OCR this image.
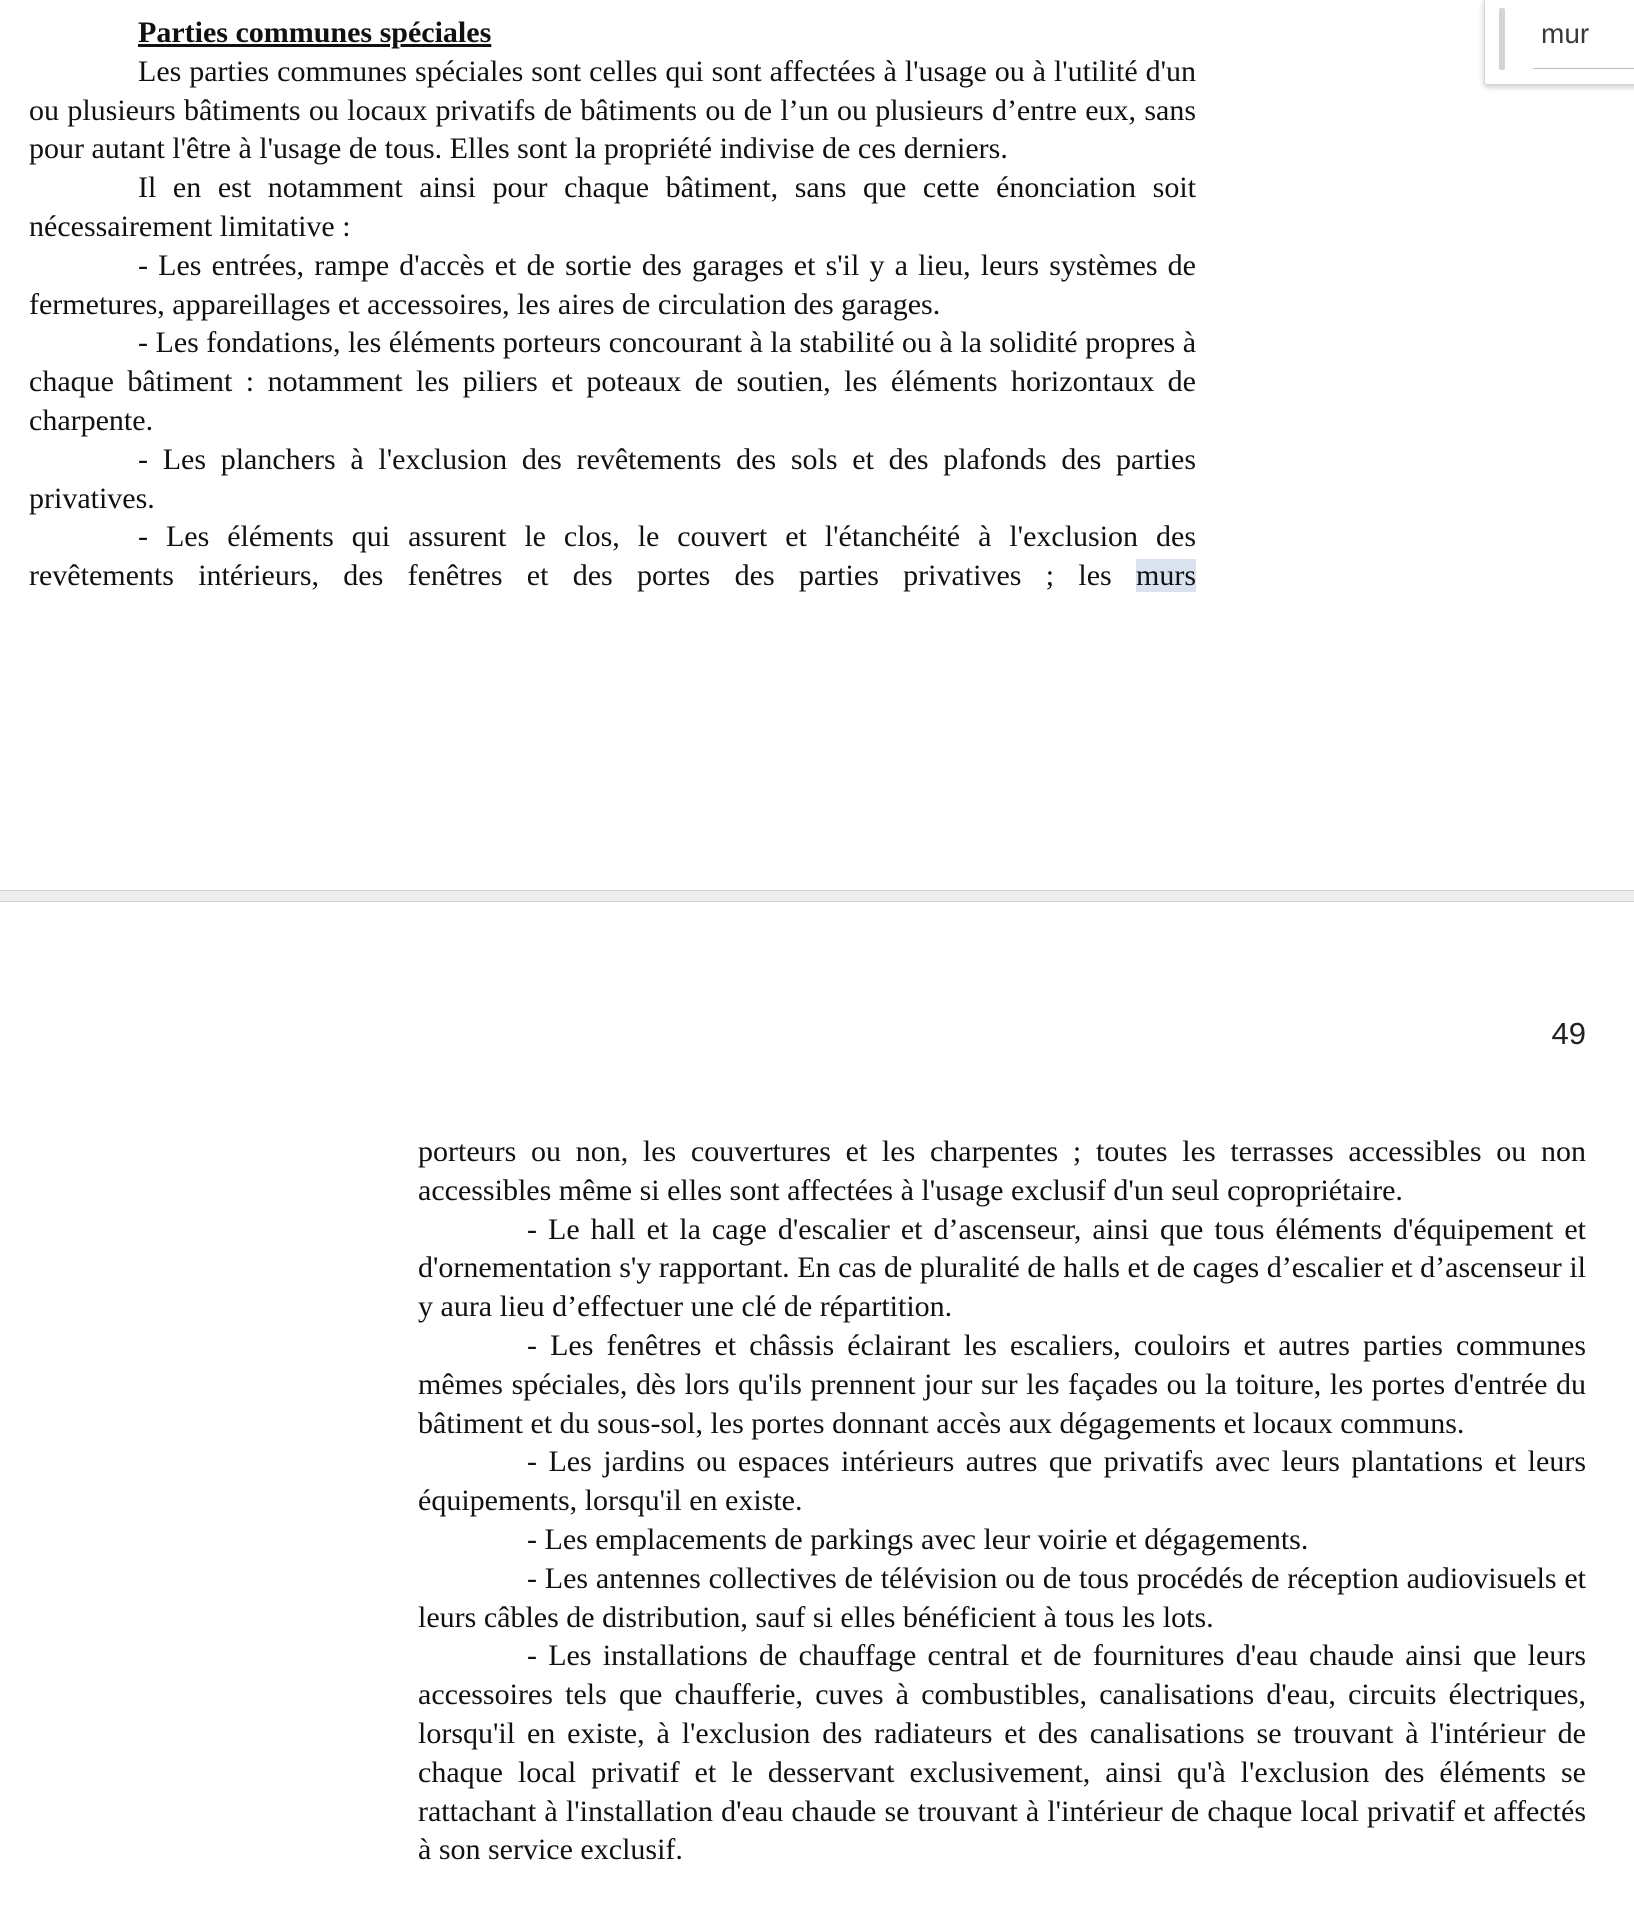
Parties communes spéciales

Les parties communes spéciales sont celles qui sont affectées à l'usage ou à l'utilité d'un ou plusieurs bâtiments ou locaux privatifs de bâtiments ou de l’un ou plusieurs d’entre eux, sans pour autant l'être à l'usage de tous. Elles sont la propriété indivise de ces derniers.

Il en est notamment ainsi pour chaque bâtiment, sans que cette énonciation soit nécessairement limitative :

- Les entrées, rampe d'accès et de sortie des garages et s'il y a lieu, leurs systèmes de fermetures, appareillages et accessoires, les aires de circulation des garages.

- Les fondations, les éléments porteurs concourant à la stabilité ou à la solidité propres à chaque bâtiment : notamment les piliers et poteaux de soutien, les éléments horizontaux de charpente.

- Les planchers à l'exclusion des revêtements des sols et des plafonds des parties privatives.

- Les éléments qui assurent le clos, le couvert et l'étanchéité à l'exclusion des revêtements intérieurs, des fenêtres et des portes des parties privatives ; les murs

mur
49

porteurs ou non, les couvertures et les charpentes ; toutes les terrasses accessibles ou non accessibles même si elles sont affectées à l'usage exclusif d'un seul copropriétaire.

- Le hall et la cage d'escalier et d’ascenseur, ainsi que tous éléments d'équipement et d'ornementation s'y rapportant. En cas de pluralité de halls et de cages d’escalier et d’ascenseur il y aura lieu d’effectuer une clé de répartition.

- Les fenêtres et châssis éclairant les escaliers, couloirs et autres parties communes mêmes spéciales, dès lors qu'ils prennent jour sur les façades ou la toiture, les portes d'entrée du bâtiment et du sous-sol, les portes donnant accès aux dégagements et locaux communs.

- Les jardins ou espaces intérieurs autres que privatifs avec leurs plantations et leurs équipements, lorsqu'il en existe.

- Les emplacements de parkings avec leur voirie et dégagements.

- Les antennes collectives de télévision ou de tous procédés de réception audiovisuels et leurs câbles de distribution, sauf si elles bénéficient à tous les lots.

- Les installations de chauffage central et de fournitures d'eau chaude ainsi que leurs accessoires tels que chaufferie, cuves à combustibles, canalisations d'eau, circuits électriques, lorsqu'il en existe, à l'exclusion des radiateurs et des canalisations se trouvant à l'intérieur de chaque local privatif et le desservant exclusivement, ainsi qu'à l'exclusion des éléments se rattachant à l'installation d'eau chaude se trouvant à l'intérieur de chaque local privatif et affectés à son service exclusif.
